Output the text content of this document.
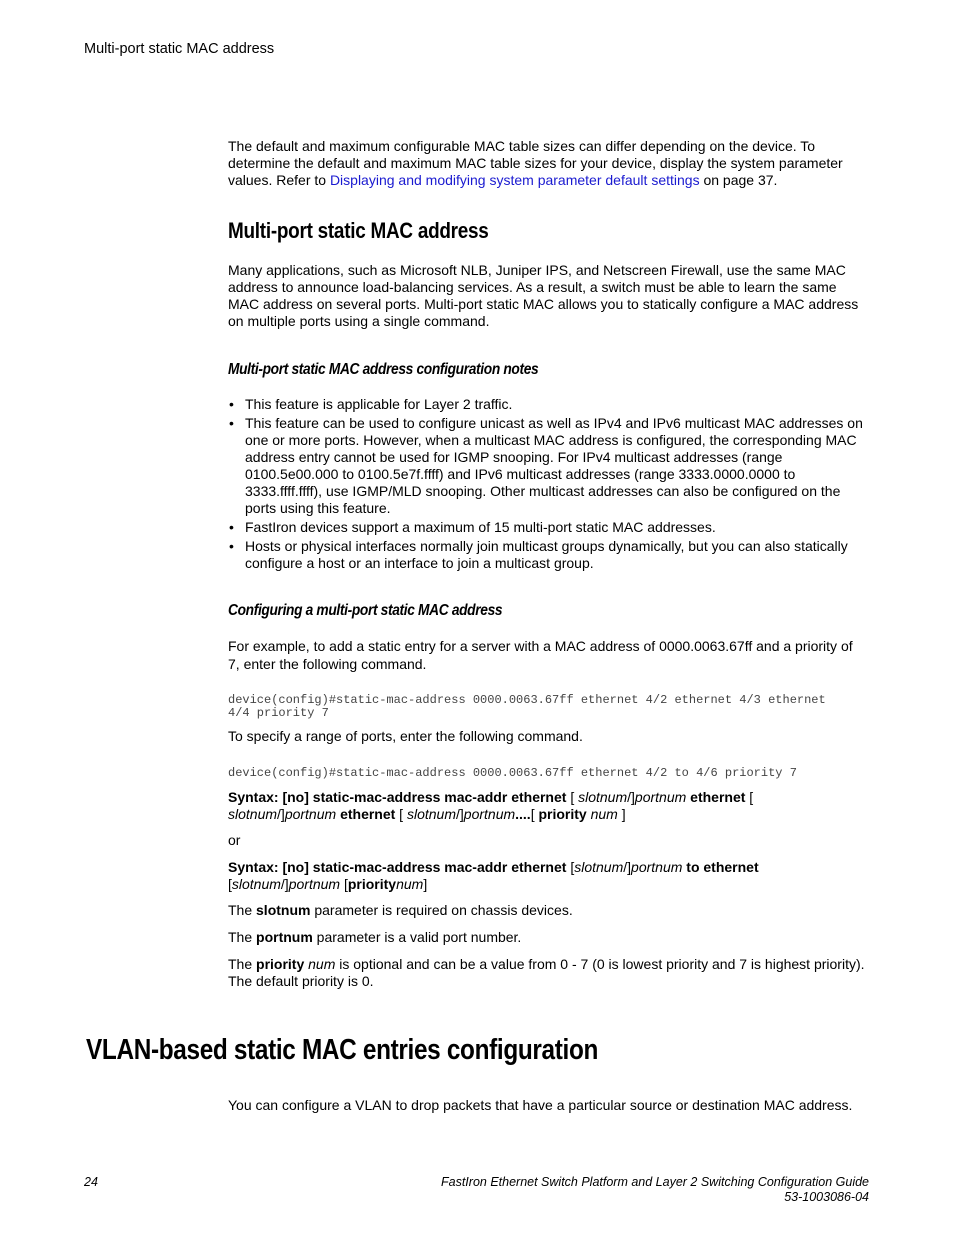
Multi-port static MAC address

The default and maximum configurable MAC table sizes can differ depending on the device. To determine the default and maximum MAC table sizes for your device, display the system parameter values. Refer to Displaying and modifying system parameter default settings on page 37.

Multi-port static MAC address

Many applications, such as Microsoft NLB, Juniper IPS, and Netscreen Firewall, use the same MAC address to announce load-balancing services. As a result, a switch must be able to learn the same MAC address on several ports. Multi-port static MAC allows you to statically configure a MAC address on multiple ports using a single command.

Multi-port static MAC address configuration notes
• This feature is applicable for Layer 2 traffic.
• This feature can be used to configure unicast as well as IPv4 and IPv6 multicast MAC addresses on one or more ports. However, when a multicast MAC address is configured, the corresponding MAC address entry cannot be used for IGMP snooping. For IPv4 multicast addresses (range 0100.5e00.000 to 0100.5e7f.ffff) and IPv6 multicast addresses (range 3333.0000.0000 to 3333.ffff.ffff), use IGMP/MLD snooping. Other multicast addresses can also be configured on the ports using this feature.
• FastIron devices support a maximum of 15 multi-port static MAC addresses.
• Hosts or physical interfaces normally join multicast groups dynamically, but you can also statically configure a host or an interface to join a multicast group.
Configuring a multi-port static MAC address

For example, to add a static entry for a server with a MAC address of 0000.0063.67ff and a priority of 7, enter the following command.

device(config)#static-mac-address 0000.0063.67ff ethernet 4/2 ethernet 4/3 ethernet
4/4 priority 7

To specify a range of ports, enter the following command.

device(config)#static-mac-address 0000.0063.67ff ethernet 4/2 to 4/6 priority 7

Syntax: [no] static-mac-address mac-addr ethernet [ slotnum/]portnum ethernet [
slotnum/]portnum ethernet [ slotnum/]portnum....[ priority num ]

or

Syntax: [no] static-mac-address mac-addr ethernet [slotnum/]portnum to ethernet
[slotnum/]portnum [prioritynum]

The slotnum parameter is required on chassis devices.

The portnum parameter is a valid port number.

The priority num is optional and can be a value from 0 - 7 (0 is lowest priority and 7 is highest priority). The default priority is 0.

VLAN-based static MAC entries configuration

You can configure a VLAN to drop packets that have a particular source or destination MAC address.

24	FastIron Ethernet Switch Platform and Layer 2 Switching Configuration Guide
53-1003086-04
